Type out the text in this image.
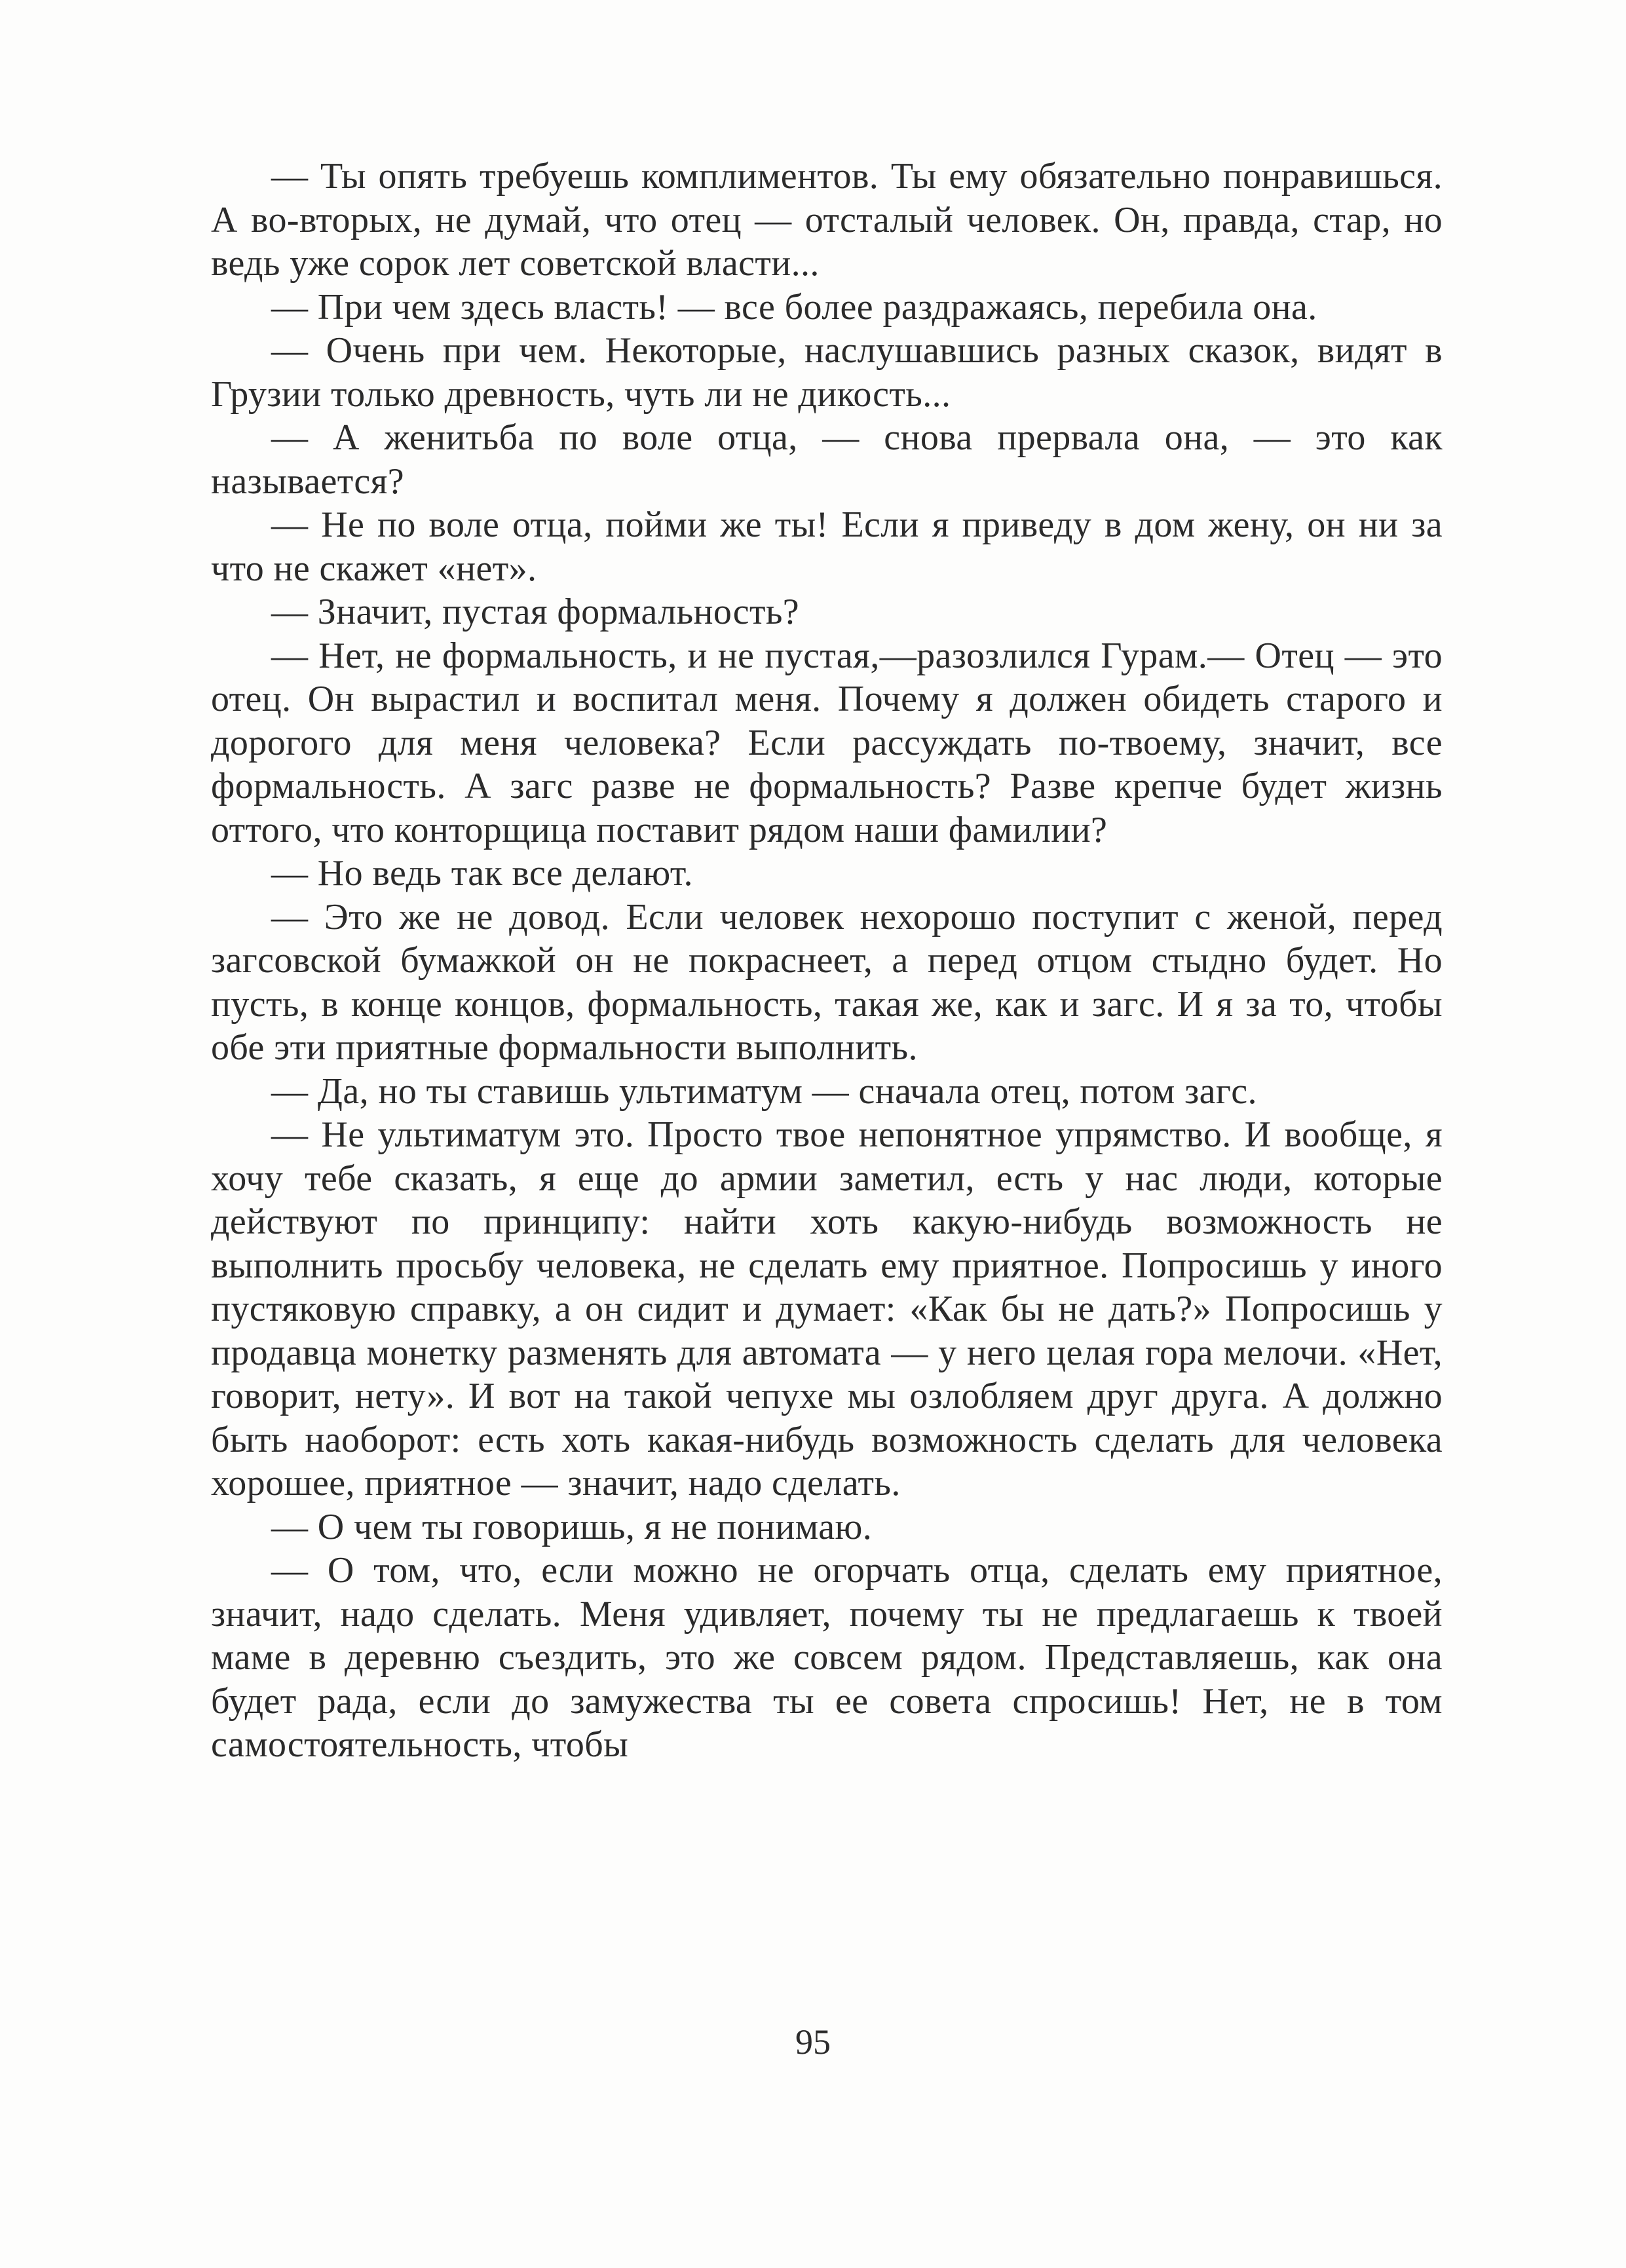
— Ты опять требуешь комплиментов. Ты ему обязательно понравишься. А во-вторых, не думай, что отец — отсталый человек. Он, правда, стар, но ведь уже сорок лет советской власти...

— При чем здесь власть! — все более раздражаясь, перебила она.

— Очень при чем. Некоторые, наслушавшись разных сказок, видят в Грузии только древность, чуть ли не дикость...

— А женитьба по воле отца, — снова прервала она, — это как называется?

— Не по воле отца, пойми же ты! Если я приведу в дом жену, он ни за что не скажет «нет».

— Значит, пустая формальность?

— Нет, не формальность, и не пустая,—разозлился Гурам.— Отец — это отец. Он вырастил и воспитал меня. Почему я должен обидеть старого и дорогого для меня человека? Если рассуждать по-твоему, значит, все формальность. А загс разве не формальность? Разве крепче будет жизнь оттого, что конторщица поставит рядом наши фамилии?

— Но ведь так все делают.

— Это же не довод. Если человек нехорошо поступит с женой, перед загсовской бумажкой он не покраснеет, а перед отцом стыдно будет. Но пусть, в конце концов, формальность, такая же, как и загс. И я за то, чтобы обе эти приятные формальности выполнить.

— Да, но ты ставишь ультиматум — сначала отец, потом загс.

— Не ультиматум это. Просто твое непонятное упрямство. И вообще, я хочу тебе сказать, я еще до армии заметил, есть у нас люди, которые действуют по принципу: найти хоть какую-нибудь возможность не выполнить просьбу человека, не сделать ему приятное. Попросишь у иного пустяковую справку, а он сидит и думает: «Как бы не дать?» Попросишь у продавца монетку разменять для автомата — у него целая гора мелочи. «Нет, говорит, нету». И вот на такой чепухе мы озлобляем друг друга. А должно быть наоборот: есть хоть какая-нибудь возможность сделать для человека хорошее, приятное — значит, надо сделать.

— О чем ты говоришь, я не понимаю.

— О том, что, если можно не огорчать отца, сделать ему приятное, значит, надо сделать. Меня удивляет, почему ты не предлагаешь к твоей маме в деревню съездить, это же совсем рядом. Представляешь, как она будет рада, если до замужества ты ее совета спросишь! Нет, не в том самостоятельность, чтобы

95
